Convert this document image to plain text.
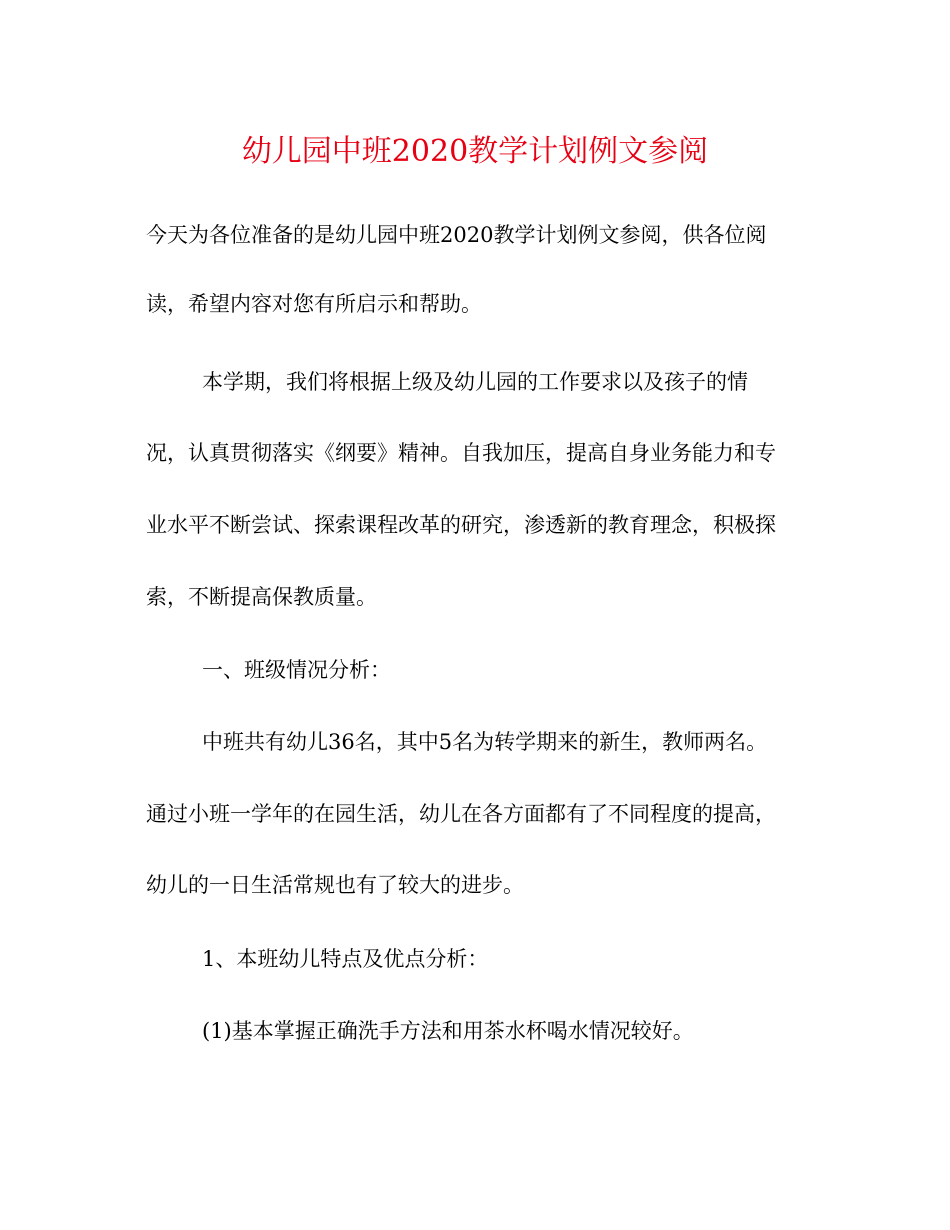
幼儿园中班2020教学计划例文参阅

今天为各位准备的是幼儿园中班2020教学计划例文参阅，供各位阅

读，希望内容对您有所启示和帮助。

本学期，我们将根据上级及幼儿园的工作要求以及孩子的情

况，认真贯彻落实《纲要》精神。自我加压，提高自身业务能力和专

业水平不断尝试、探索课程改革的研究，渗透新的教育理念，积极探

索，不断提高保教质量。

一、班级情况分析：

中班共有幼儿36名，其中5名为转学期来的新生，教师两名。

通过小班一学年的在园生活，幼儿在各方面都有了不同程度的提高，

幼儿的一日生活常规也有了较大的进步。

1、本班幼儿特点及优点分析：

(1)基本掌握正确洗手方法和用茶水杯喝水情况较好。
